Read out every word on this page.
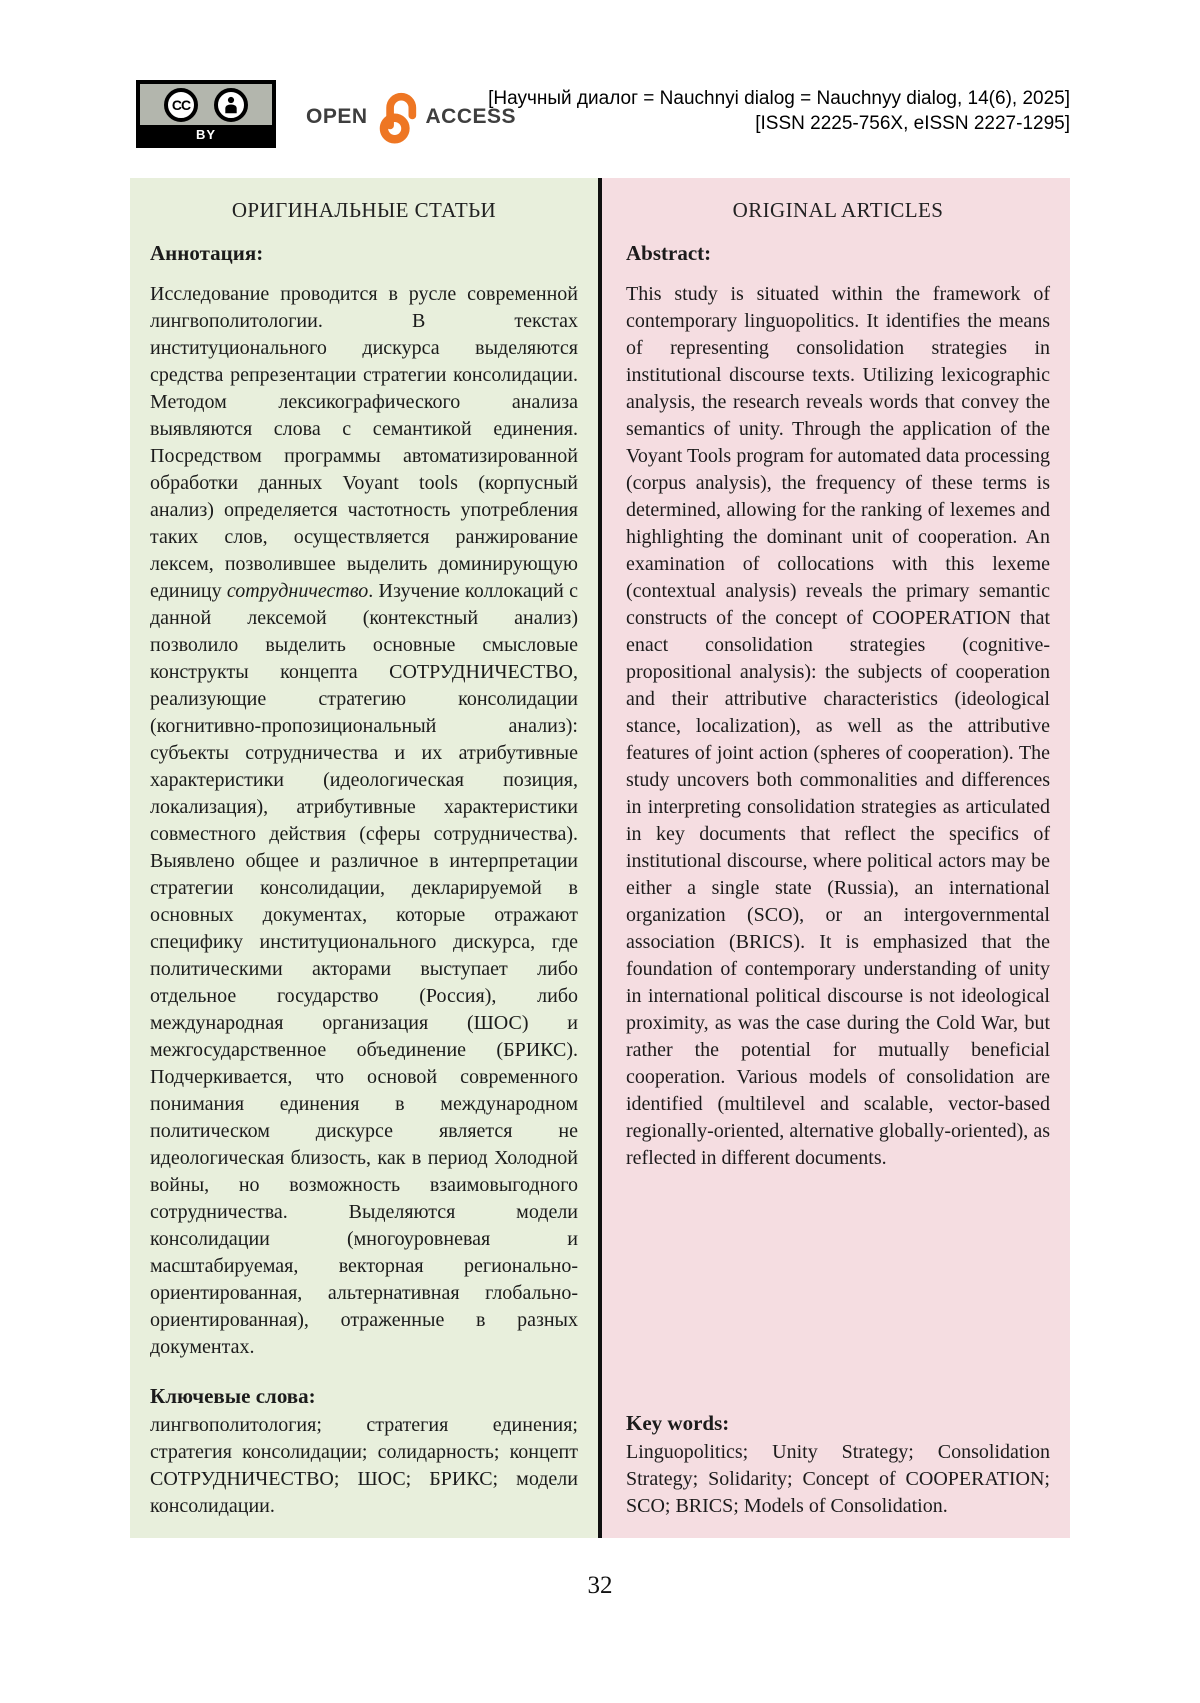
CC
BY
OPEN	ACCESS
[Научный диалог = Nauchnyi dialog = Nauchnyy dialog, 14(6), 2025]
[ISSN 2225-756X, eISSN 2227-1295]
ОРИГИНАЛЬНЫЕ СТАТЬИ
Аннотация:
Исследование проводится в русле современной лингвополитологии. В текстах институционального дискурса выделяются средства репрезентации стратегии консолидации. Методом лексикографического анализа выявляются слова с семантикой единения. Посредством программы автоматизированной обработки данных Voyant tools (корпусный анализ) определяется частотность употребления таких слов, осуществляется ранжирование лексем, позволившее выделить доминирующую единицу сотрудничество. Изучение коллокаций с данной лексемой (контекстный анализ) позволило выделить основные смысловые конструкты концепта СОТРУДНИЧЕСТВО, реализующие стратегию консолидации (когнитивно-пропозициональный анализ): субъекты сотрудничества и их атрибутивные характеристики (идеологическая позиция, локализация), атрибутивные характеристики совместного действия (сферы сотрудничества). Выявлено общее и различное в интерпретации стратегии консолидации, декларируемой в основных документах, которые отражают специфику институционального дискурса, где политическими акторами выступает либо отдельное государство (Россия), либо международная организация (ШОС) и межгосударственное объединение (БРИКС). Подчеркивается, что основой современного понимания единения в международном политическом дискурсе является не идеологическая близость, как в период Холодной войны, но возможность взаимовыгодного сотрудничества. Выделяются модели консолидации (многоуровневая и масштабируемая, векторная регионально-ориентированная, альтернативная глобально-ориентированная), отраженные в разных документах.
Ключевые слова:
лингвополитология; стратегия единения; стратегия консолидации; солидарность; концепт СОТРУДНИЧЕСТВО; ШОС; БРИКС; модели консолидации.
ORIGINAL ARTICLES
Abstract:
This study is situated within the framework of contemporary linguopolitics. It identifies the means of representing consolidation strategies in institutional discourse texts. Utilizing lexicographic analysis, the research reveals words that convey the semantics of unity. Through the application of the Voyant Tools program for automated data processing (corpus analysis), the frequency of these terms is determined, allowing for the ranking of lexemes and highlighting the dominant unit of cooperation. An examination of collocations with this lexeme (contextual analysis) reveals the primary semantic constructs of the concept of COOPERATION that enact consolidation strategies (cognitive-propositional analysis): the subjects of cooperation and their attributive characteristics (ideological stance, localization), as well as the attributive features of joint action (spheres of cooperation). The study uncovers both commonalities and differences in interpreting consolidation strategies as articulated in key documents that reflect the specifics of institutional discourse, where political actors may be either a single state (Russia), an international organization (SCO), or an intergovernmental association (BRICS). It is emphasized that the foundation of contemporary understanding of unity in international political discourse is not ideological proximity, as was the case during the Cold War, but rather the potential for mutually beneficial cooperation. Various models of consolidation are identified (multilevel and scalable, vector-based regionally-oriented, alternative globally-oriented), as reflected in different documents.
Key words:
Linguopolitics; Unity Strategy; Consolidation Strategy; Solidarity; Concept of COOPERATION; SCO; BRICS; Models of Consolidation.
32
